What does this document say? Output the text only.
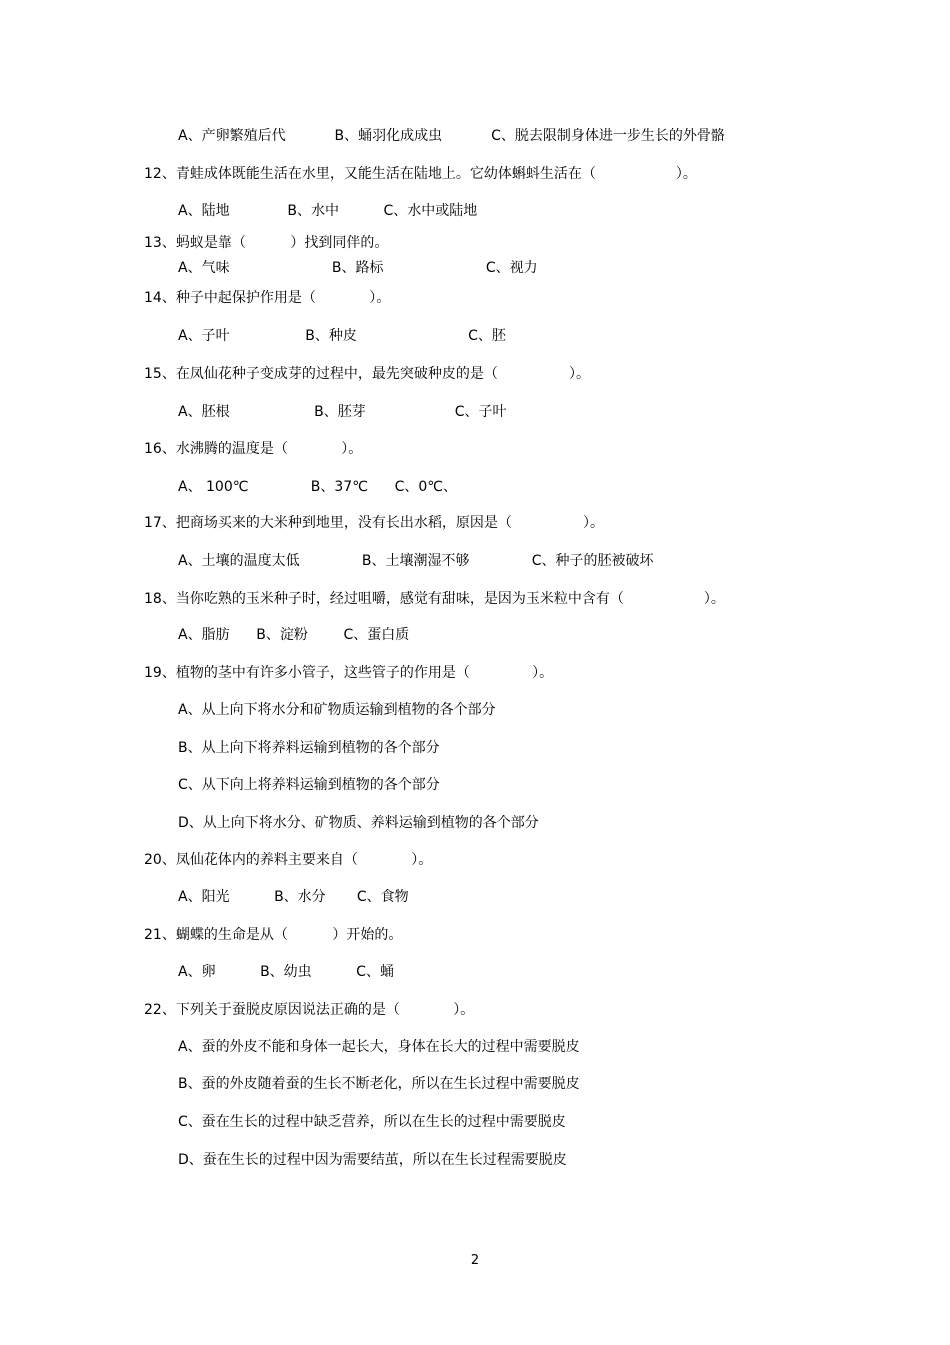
A、产卵繁殖后代           B、蛹羽化成成虫           C、脱去限制身体进一步生长的外骨骼
12、青蛙成体既能生活在水里，又能生活在陆地上。它幼体蝌蚪生活在（                  ）。
A、陆地             B、水中          C、水中或陆地
13、蚂蚁是靠（          ）找到同伴的。
A、气味                       B、路标                       C、视力
14、种子中起保护作用是（            ）。
A、子叶                 B、种皮                         C、胚
15、在凤仙花种子变成芽的过程中，最先突破种皮的是（                ）。
A、胚根                   B、胚芽                    C、子叶
16、水沸腾的温度是（            ）。
A、 100℃              B、37℃      C、0℃、
17、把商场买来的大米种到地里，没有长出水稻，原因是（                ）。
A、土壤的温度太低              B、土壤潮湿不够              C、种子的胚被破坏
18、当你吃熟的玉米种子时，经过咀嚼，感觉有甜味，是因为玉米粒中含有（                  ）。
A、脂肪      B、淀粉        C、蛋白质
19、植物的茎中有许多小管子，这些管子的作用是（              ）。
A、从上向下将水分和矿物质运输到植物的各个部分
B、从上向下将养料运输到植物的各个部分
C、从下向上将养料运输到植物的各个部分
D、从上向下将水分、矿物质、养料运输到植物的各个部分
20、凤仙花体内的养料主要来自（            ）。
A、阳光          B、水分       C、食物
21、蝴蝶的生命是从（          ）开始的。
A、卵          B、幼虫          C、蛹
22、下列关于蚕脱皮原因说法正确的是（            ）。
A、蚕的外皮不能和身体一起长大，身体在长大的过程中需要脱皮
B、蚕的外皮随着蚕的生长不断老化，所以在生长过程中需要脱皮
C、蚕在生长的过程中缺乏营养，所以在生长的过程中需要脱皮
D、蚕在生长的过程中因为需要结茧，所以在生长过程需要脱皮
2
